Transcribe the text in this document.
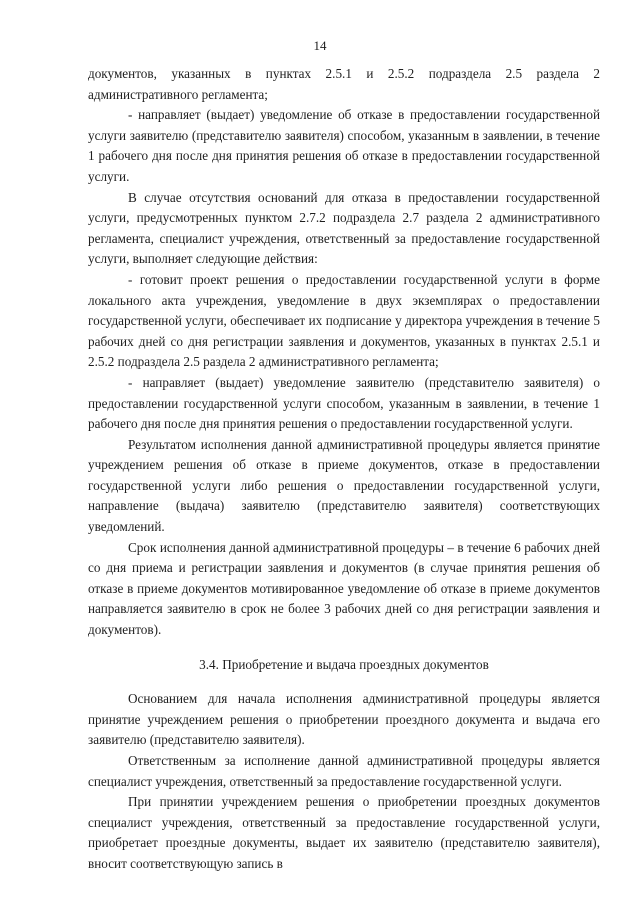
14

документов, указанных в пунктах 2.5.1 и 2.5.2 подраздела 2.5 раздела 2 административного регламента;

- направляет (выдает) уведомление об отказе в предоставлении государственной услуги заявителю (представителю заявителя) способом, указанным в заявлении, в течение 1 рабочего дня после дня принятия решения об отказе в предоставлении государственной услуги.

В случае отсутствия оснований для отказа в предоставлении государственной услуги, предусмотренных пунктом 2.7.2 подраздела 2.7 раздела 2 административного регламента, специалист учреждения, ответственный за предоставление государственной услуги, выполняет следующие действия:

- готовит проект решения о предоставлении государственной услуги в форме локального акта учреждения, уведомление в двух экземплярах о предоставлении государственной услуги, обеспечивает их подписание у директора учреждения в течение 5 рабочих дней со дня регистрации заявления и документов, указанных в пунктах 2.5.1 и 2.5.2 подраздела 2.5 раздела 2 административного регламента;

- направляет (выдает) уведомление заявителю (представителю заявителя) о предоставлении государственной услуги способом, указанным в заявлении, в течение 1 рабочего дня после дня принятия решения о предоставлении государственной услуги.

Результатом исполнения данной административной процедуры является принятие учреждением решения об отказе в приеме документов, отказе в предоставлении государственной услуги либо решения о предоставлении государственной услуги, направление (выдача) заявителю (представителю заявителя) соответствующих уведомлений.

Срок исполнения данной административной процедуры – в течение 6 рабочих дней со дня приема и регистрации заявления и документов (в случае принятия решения об отказе в приеме документов мотивированное уведомление об отказе в приеме документов направляется заявителю в срок не более 3 рабочих дней со дня регистрации заявления и документов).

3.4. Приобретение и выдача проездных документов

Основанием для начала исполнения административной процедуры является принятие учреждением решения о приобретении проездного документа и выдача его заявителю (представителю заявителя).

Ответственным за исполнение данной административной процедуры является специалист учреждения, ответственный за предоставление государственной услуги.

При принятии учреждением решения о приобретении проездных документов специалист учреждения, ответственный за предоставление государственной услуги, приобретает проездные документы, выдает их заявителю (представителю заявителя), вносит соответствующую запись в
